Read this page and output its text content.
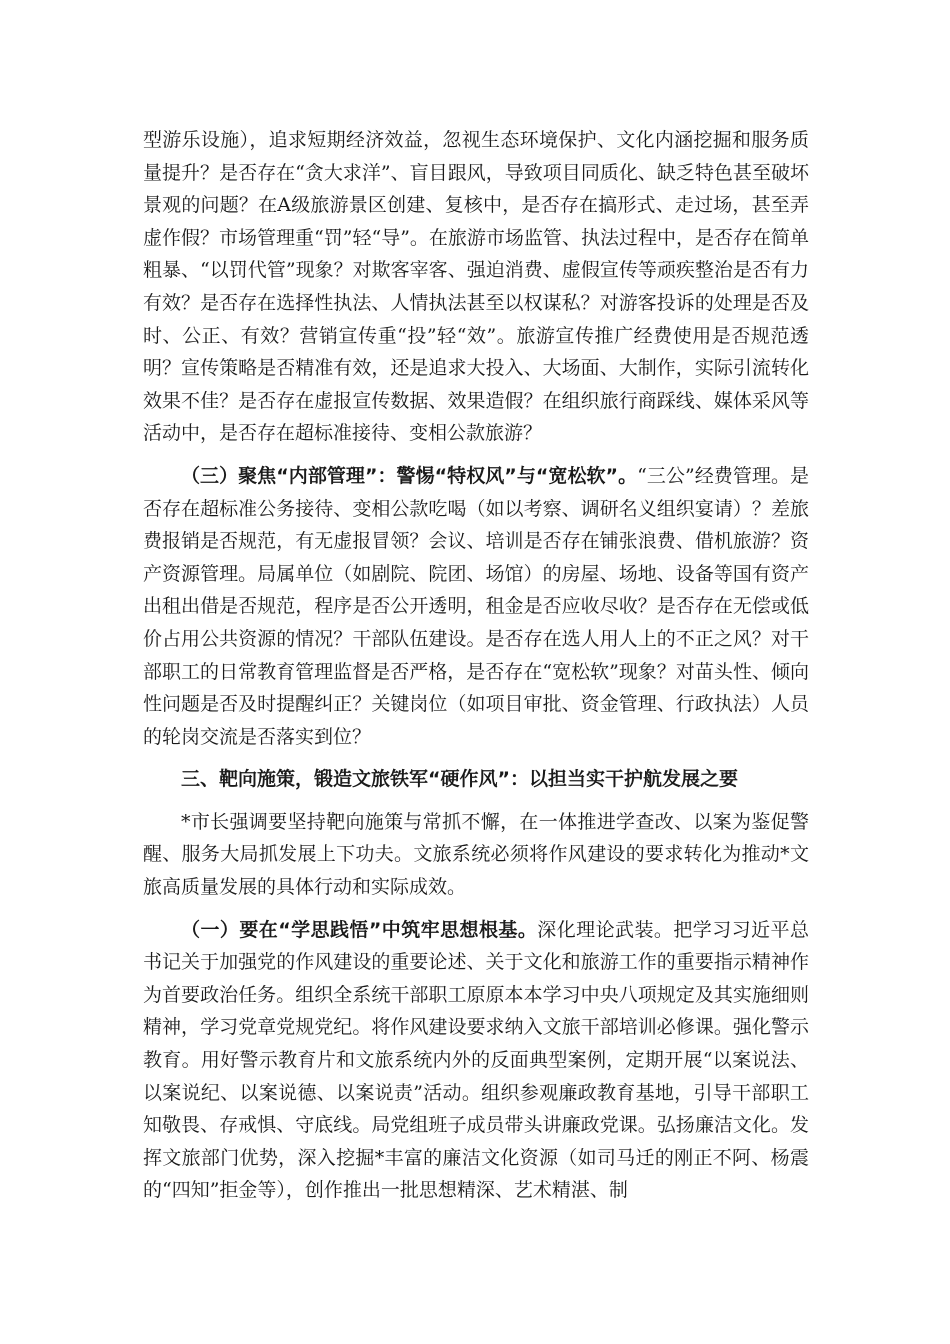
型游乐设施），追求短期经济效益，忽视生态环境保护、文化内涵挖掘和服务质量提升？是否存在“贪大求洋”、盲目跟风，导致项目同质化、缺乏特色甚至破坏景观的问题？在A级旅游景区创建、复核中，是否存在搞形式、走过场，甚至弄虚作假？市场管理重“罚”轻“导”。在旅游市场监管、执法过程中，是否存在简单粗暴、“以罚代管”现象？对欺客宰客、强迫消费、虚假宣传等顽疾整治是否有力有效？是否存在选择性执法、人情执法甚至以权谋私？对游客投诉的处理是否及时、公正、有效？营销宣传重“投”轻“效”。旅游宣传推广经费使用是否规范透明？宣传策略是否精准有效，还是追求大投入、大场面、大制作，实际引流转化效果不佳？是否存在虚报宣传数据、效果造假？在组织旅行商踩线、媒体采风等活动中，是否存在超标准接待、变相公款旅游？

（三）聚焦“内部管理”：警惕“特权风”与“宽松软”。“三公”经费管理。是否存在超标准公务接待、变相公款吃喝（如以考察、调研名义组织宴请）？差旅费报销是否规范，有无虚报冒领？会议、培训是否存在铺张浪费、借机旅游？资产资源管理。局属单位（如剧院、院团、场馆）的房屋、场地、设备等国有资产出租出借是否规范，程序是否公开透明，租金是否应收尽收？是否存在无偿或低价占用公共资源的情况？干部队伍建设。是否存在选人用人上的不正之风？对干部职工的日常教育管理监督是否严格，是否存在“宽松软”现象？对苗头性、倾向性问题是否及时提醒纠正？关键岗位（如项目审批、资金管理、行政执法）人员的轮岗交流是否落实到位？

三、靶向施策，锻造文旅铁军“硬作风”：以担当实干护航发展之要

*市长强调要坚持靶向施策与常抓不懈，在一体推进学查改、以案为鉴促警醒、服务大局抓发展上下功夫。文旅系统必须将作风建设的要求转化为推动*文旅高质量发展的具体行动和实际成效。

（一）要在“学思践悟”中筑牢思想根基。深化理论武装。把学习习近平总书记关于加强党的作风建设的重要论述、关于文化和旅游工作的重要指示精神作为首要政治任务。组织全系统干部职工原原本本学习中央八项规定及其实施细则精神，学习党章党规党纪。将作风建设要求纳入文旅干部培训必修课。强化警示教育。用好警示教育片和文旅系统内外的反面典型案例，定期开展“以案说法、以案说纪、以案说德、以案说责”活动。组织参观廉政教育基地，引导干部职工知敬畏、存戒惧、守底线。局党组班子成员带头讲廉政党课。弘扬廉洁文化。发挥文旅部门优势，深入挖掘*丰富的廉洁文化资源（如司马迁的刚正不阿、杨震的“四知”拒金等），创作推出一批思想精深、艺术精湛、制
